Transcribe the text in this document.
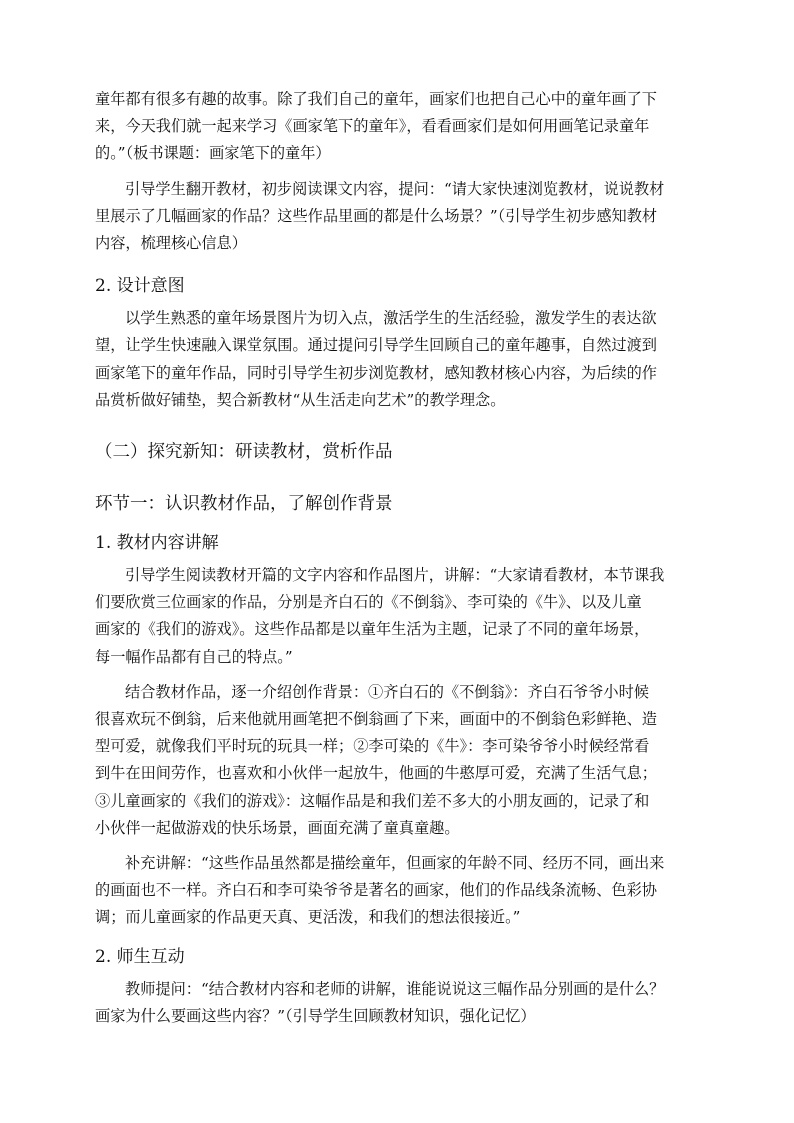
童年都有很多有趣的故事。除了我们自己的童年，画家们也把自己心中的童年画了下
来，今天我们就一起来学习《画家笔下的童年》，看看画家们是如何用画笔记录童年
的。”（板书课题：画家笔下的童年）

引导学生翻开教材，初步阅读课文内容，提问：“请大家快速浏览教材，说说教材
里展示了几幅画家的作品？这些作品里画的都是什么场景？”（引导学生初步感知教材
内容，梳理核心信息）

2. 设计意图

以学生熟悉的童年场景图片为切入点，激活学生的生活经验，激发学生的表达欲
望，让学生快速融入课堂氛围。通过提问引导学生回顾自己的童年趣事，自然过渡到
画家笔下的童年作品，同时引导学生初步浏览教材，感知教材核心内容，为后续的作
品赏析做好铺垫，契合新教材“从生活走向艺术”的教学理念。

（二）探究新知：研读教材，赏析作品
环节一：认识教材作品，了解创作背景
1. 教材内容讲解

引导学生阅读教材开篇的文字内容和作品图片，讲解：“大家请看教材，本节课我
们要欣赏三位画家的作品，分别是齐白石的《不倒翁》、李可染的《牛》、以及儿童
画家的《我们的游戏》。这些作品都是以童年生活为主题，记录了不同的童年场景，
每一幅作品都有自己的特点。”

结合教材作品，逐一介绍创作背景：①齐白石的《不倒翁》：齐白石爷爷小时候
很喜欢玩不倒翁，后来他就用画笔把不倒翁画了下来，画面中的不倒翁色彩鲜艳、造
型可爱，就像我们平时玩的玩具一样；②李可染的《牛》：李可染爷爷小时候经常看
到牛在田间劳作，也喜欢和小伙伴一起放牛，他画的牛憨厚可爱，充满了生活气息；
③儿童画家的《我们的游戏》：这幅作品是和我们差不多大的小朋友画的，记录了和
小伙伴一起做游戏的快乐场景，画面充满了童真童趣。

补充讲解：“这些作品虽然都是描绘童年，但画家的年龄不同、经历不同，画出来
的画面也不一样。齐白石和李可染爷爷是著名的画家，他们的作品线条流畅、色彩协
调；而儿童画家的作品更天真、更活泼，和我们的想法很接近。”

2. 师生互动

教师提问：“结合教材内容和老师的讲解，谁能说说这三幅作品分别画的是什么？
画家为什么要画这些内容？”（引导学生回顾教材知识，强化记忆）
